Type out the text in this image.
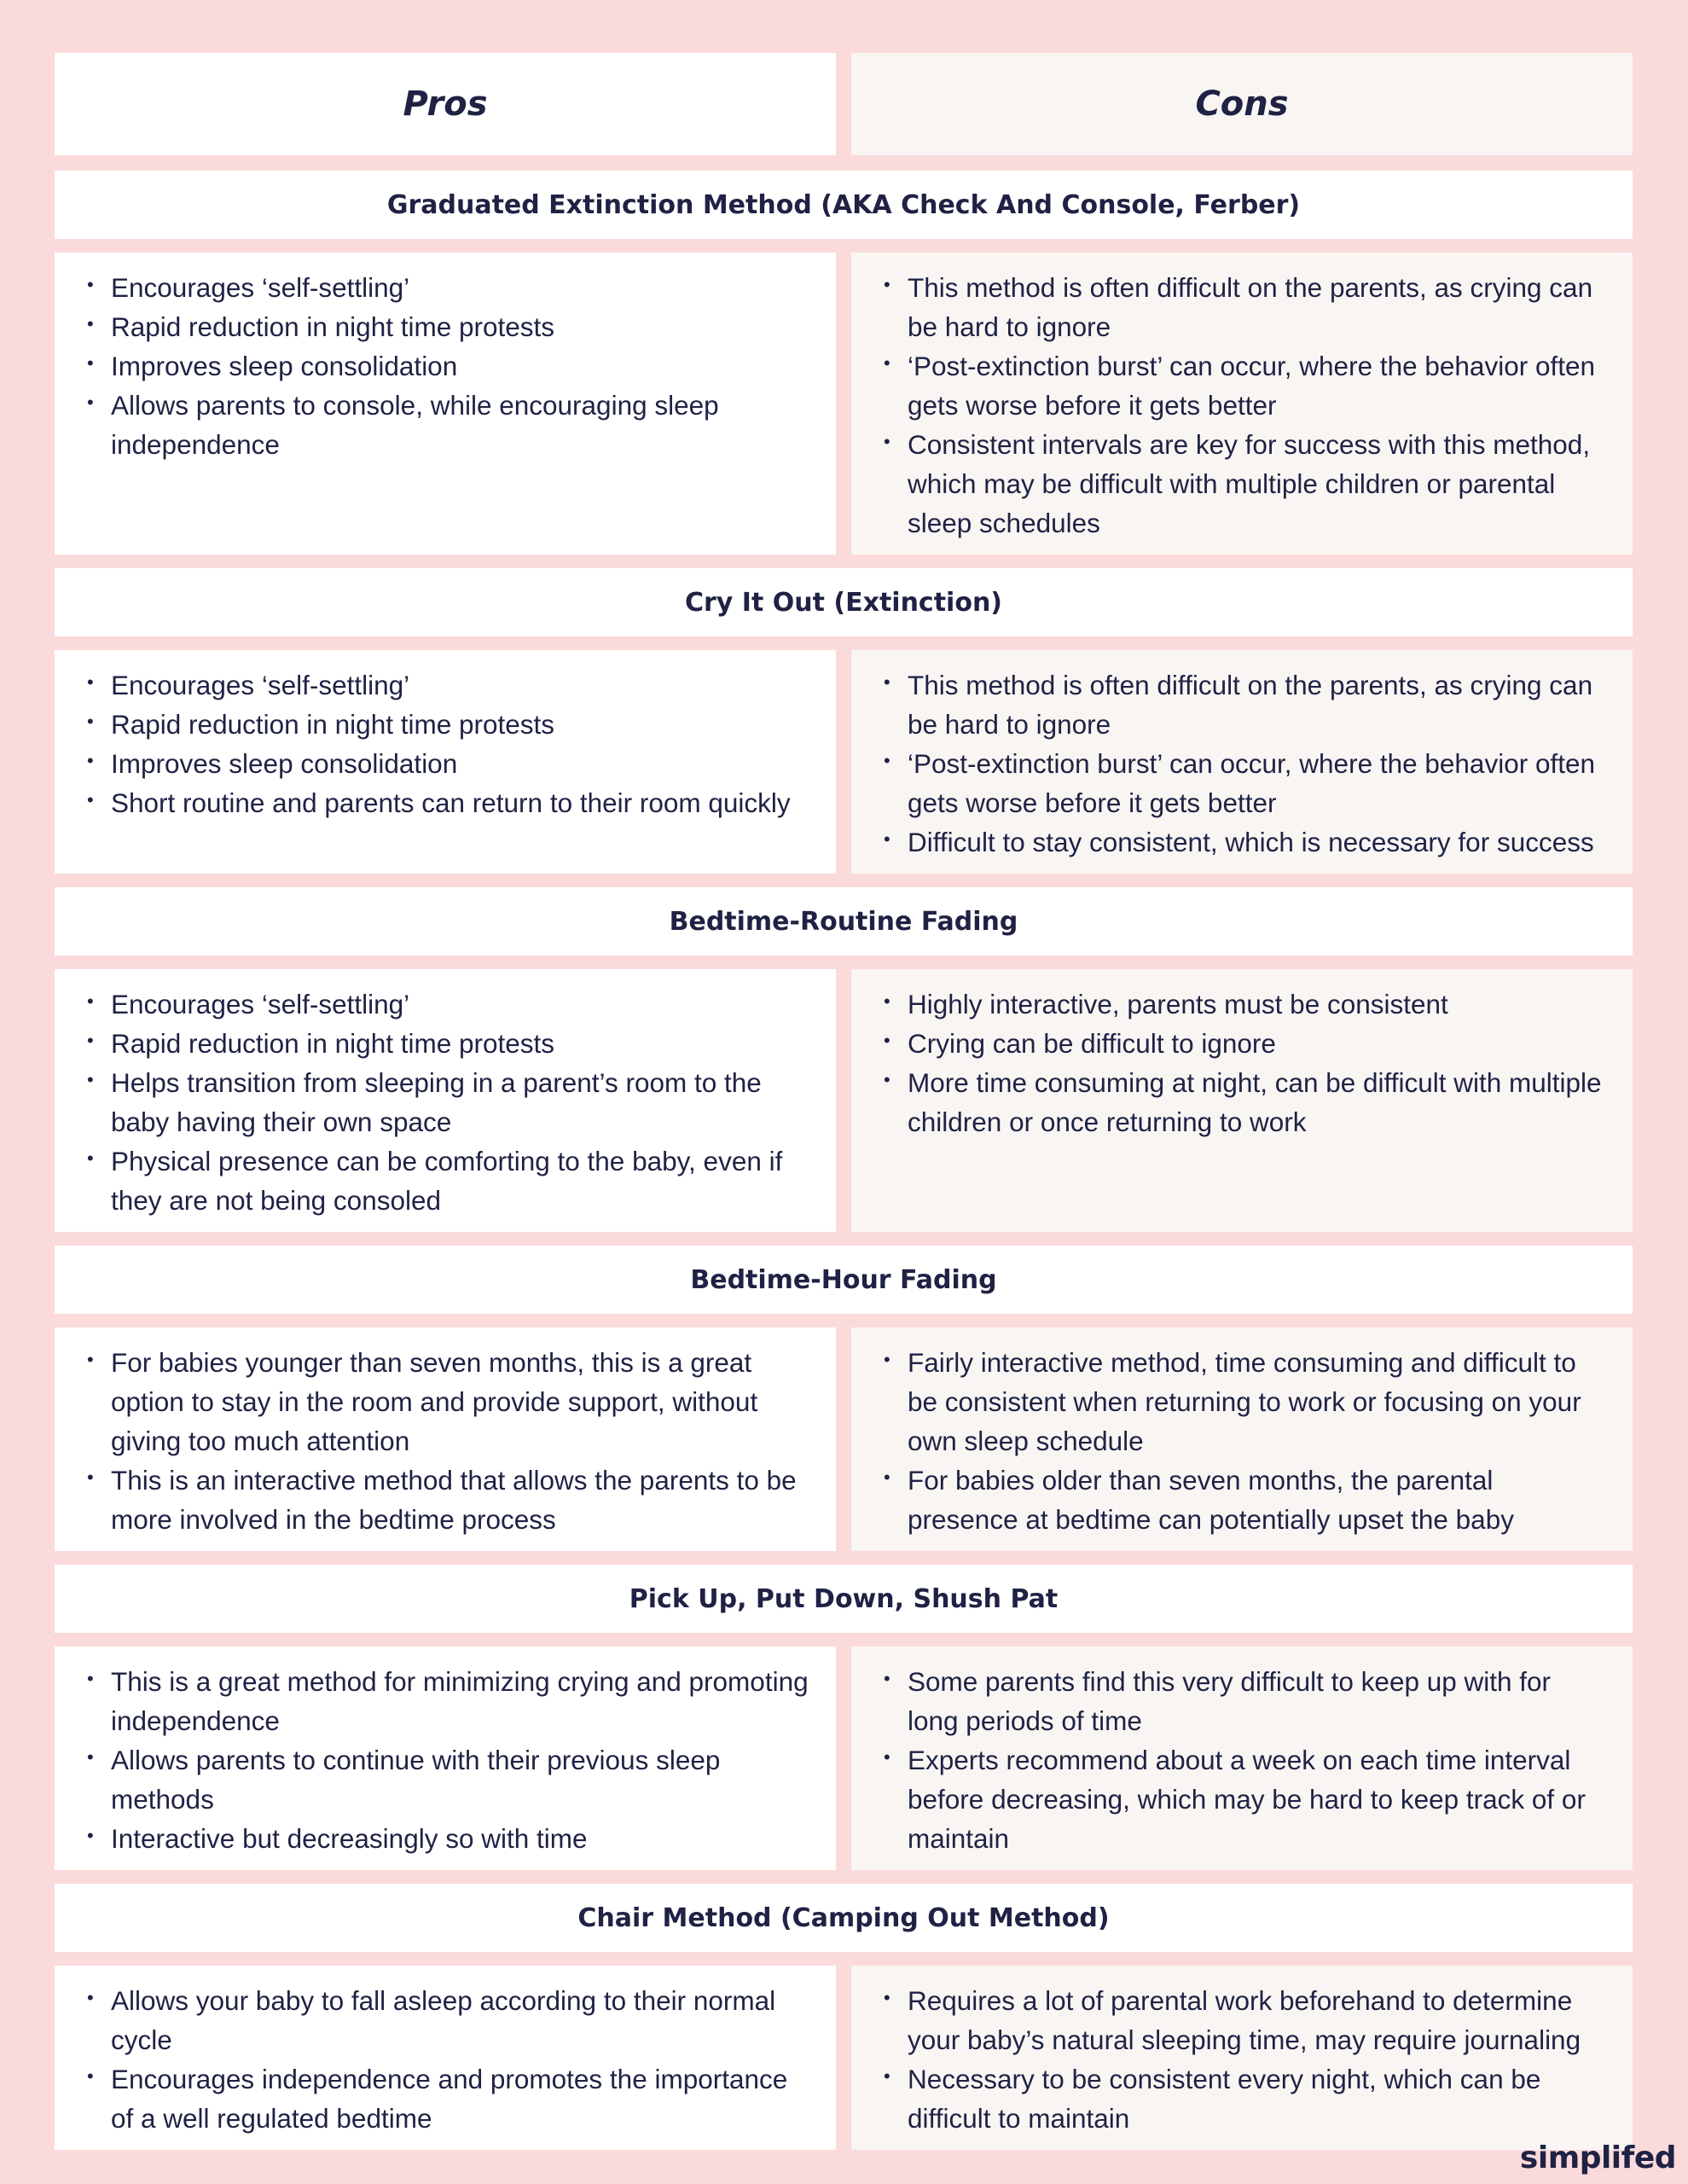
Pros	Cons
Graduated Extinction Method (AKA Check And Console, Ferber)
• Encourages ‘self-settling’
• Rapid reduction in night time protests
• Improves sleep consolidation
• Allows parents to console, while encouraging sleep independence
• This method is often difficult on the parents, as crying can be hard to ignore
• ‘Post-extinction burst’ can occur, where the behavior often gets worse before it gets better
• Consistent intervals are key for success with this method, which may be difficult with multiple children or parental sleep schedules
Cry It Out (Extinction)
• Encourages ‘self-settling’
• Rapid reduction in night time protests
• Improves sleep consolidation
• Short routine and parents can return to their room quickly
• This method is often difficult on the parents, as crying can be hard to ignore
• ‘Post-extinction burst’ can occur, where the behavior often gets worse before it gets better
• Difficult to stay consistent, which is necessary for success
Bedtime-Routine Fading
• Encourages ‘self-settling’
• Rapid reduction in night time protests
• Helps transition from sleeping in a parent’s room to the baby having their own space
• Physical presence can be comforting to the baby, even if they are not being consoled
• Highly interactive, parents must be consistent
• Crying can be difficult to ignore
• More time consuming at night, can be difficult with multiple children or once returning to work
Bedtime-Hour Fading
• For babies younger than seven months, this is a great option to stay in the room and provide support, without giving too much attention
• This is an interactive method that allows the parents to be more involved in the bedtime process
• Fairly interactive method, time consuming and difficult to be consistent when returning to work or focusing on your own sleep schedule
• For babies older than seven months, the parental presence at bedtime can potentially upset the baby
Pick Up, Put Down, Shush Pat
• This is a great method for minimizing crying and promoting independence
• Allows parents to continue with their previous sleep methods
• Interactive but decreasingly so with time
• Some parents find this very difficult to keep up with for long periods of time
• Experts recommend about a week on each time interval before decreasing, which may be hard to keep track of or maintain
Chair Method (Camping Out Method)
• Allows your baby to fall asleep according to their normal cycle
• Encourages independence and promotes the importance of a well regulated bedtime
• Requires a lot of parental work beforehand to determine your baby’s natural sleeping time, may require journaling
• Necessary to be consistent every night, which can be difficult to maintain
simplifed
